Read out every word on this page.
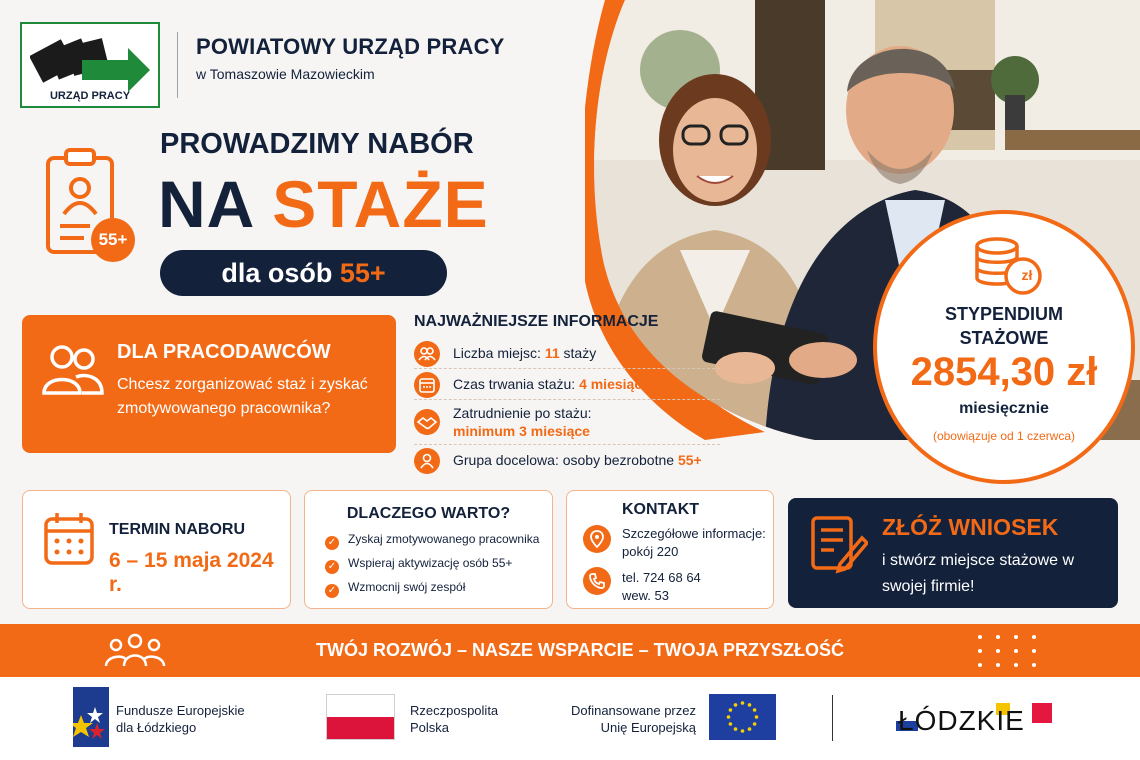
URZĄD PRACY
POWIATOWY URZĄD PRACY
w Tomaszowie Mazowieckim
55+
PROWADZIMY NABÓR
NA STAŻE
dla osób 55+	zł
STYPENDIUM
STAŻOWE
2854,30 zł
miesięcznie
(obowiązuje od 1 czerwca)
DLA PRACODAWCÓW
Chcesz zorganizować staż i zyskać zmotywowanego pracownika?
NAJWAŻNIEJSZE INFORMACJE
Liczba miejsc: 11 staży
Czas trwania stażu: 4 miesiące
Zatrudnienie po stażu:
minimum 3 miesiące
Grupa docelowa: osoby bezrobotne 55+
TERMIN NABORU
6 – 15 maja 2024 r.
DLACZEGO WARTO?
✓ Zyskaj zmotywowanego pracownika
✓ Wspieraj aktywizację osób 55+
✓ Wzmocnij swój zespół
KONTAKT
Szczegółowe informacje:
pokój 220
tel. 724 68 64
wew. 53
ZŁÓŻ WNIOSEK
i stwórz miejsce stażowe w swojej firmie!
TWÓJ ROZWÓJ – NASZE WSPARCIE – TWOJA PRZYSZŁOŚĆ
Fundusze Europejskie
dla Łódzkiego
Rzeczpospolita
Polska
Dofinansowane przez
Unię Europejską	ŁÓDZKIE
